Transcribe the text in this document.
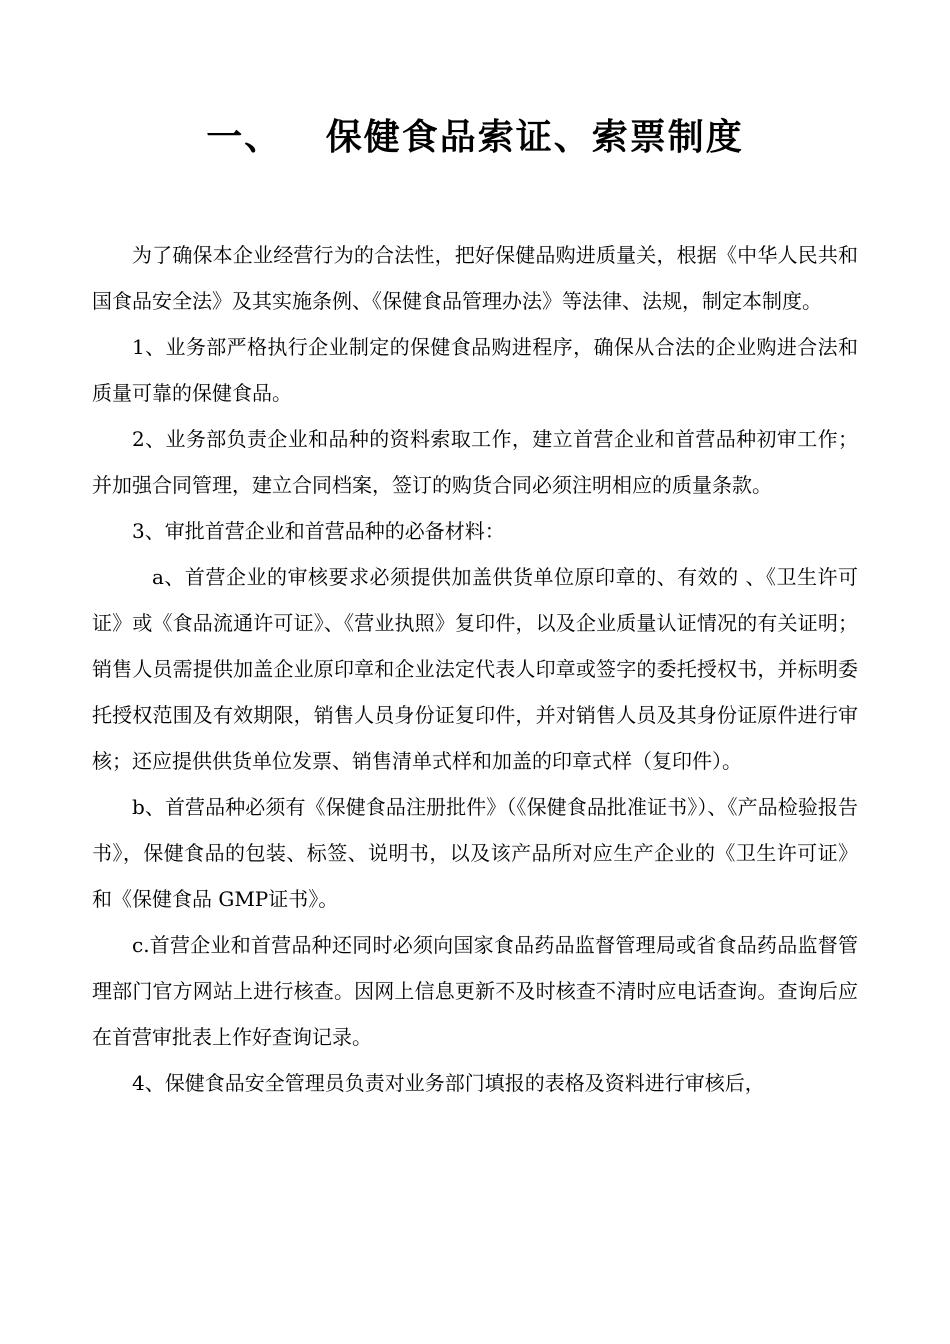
一、   保健食品索证、索票制度

为了确保本企业经营行为的合法性，把好保健品购进质量关，根据《中华人民共和国食品安全法》及其实施条例、《保健食品管理办法》等法律、法规，制定本制度。

1、业务部严格执行企业制定的保健食品购进程序，确保从合法的企业购进合法和质量可靠的保健食品。

2、业务部负责企业和品种的资料索取工作，建立首营企业和首营品种初审工作；并加强合同管理，建立合同档案，签订的购货合同必须注明相应的质量条款。

3、审批首营企业和首营品种的必备材料：

a、首营企业的审核要求必须提供加盖供货单位原印章的、有效的 、《卫生许可证》或《食品流通许可证》、《营业执照》复印件，以及企业质量认证情况的有关证明；销售人员需提供加盖企业原印章和企业法定代表人印章或签字的委托授权书，并标明委托授权范围及有效期限，销售人员身份证复印件，并对销售人员及其身份证原件进行审核；还应提供供货单位发票、销售清单式样和加盖的印章式样（复印件）。

b、首营品种必须有《保健食品注册批件》（《保健食品批准证书》）、《产品检验报告书》，保健食品的包装、标签、说明书，以及该产品所对应生产企业的《卫生许可证》和《保健食品 GMP证书》。

c.首营企业和首营品种还同时必须向国家食品药品监督管理局或省食品药品监督管理部门官方网站上进行核查。因网上信息更新不及时核查不清时应电话查询。查询后应在首营审批表上作好查询记录。

4、保健食品安全管理员负责对业务部门填报的表格及资料进行审核后，
